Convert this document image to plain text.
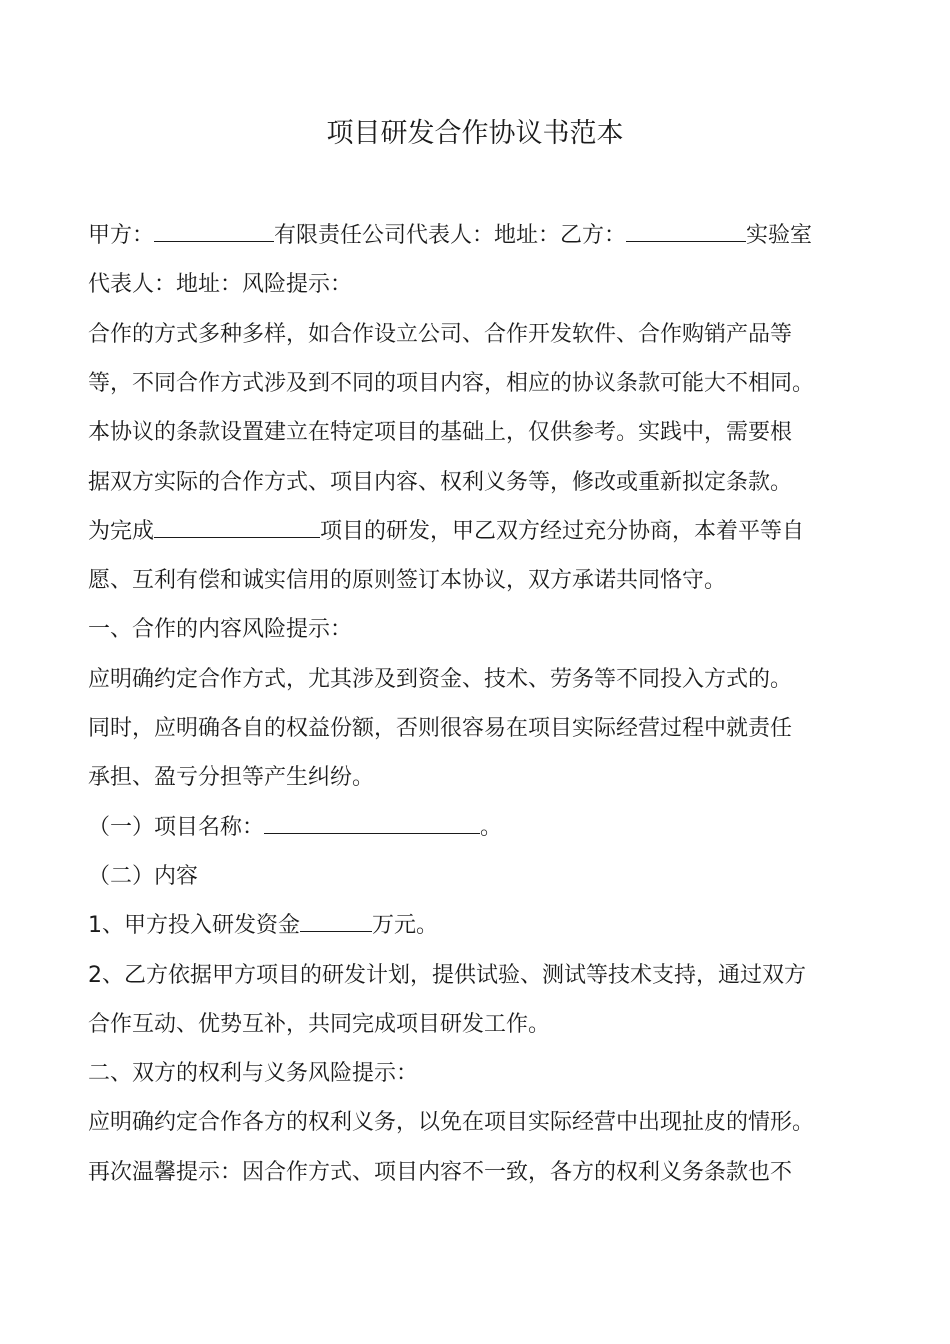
项目研发合作协议书范本
甲方：	有限责任公司代表人：地址：乙方：	实验室
代表人：地址：风险提示：
合作的方式多种多样，如合作设立公司、合作开发软件、合作购销产品等
等，不同合作方式涉及到不同的项目内容，相应的协议条款可能大不相同。
本协议的条款设置建立在特定项目的基础上，仅供参考。实践中，需要根
据双方实际的合作方式、项目内容、权利义务等，修改或重新拟定条款。
为完成	项目的研发，甲乙双方经过充分协商，本着平等自
愿、互利有偿和诚实信用的原则签订本协议，双方承诺共同恪守。
一、合作的内容风险提示：
应明确约定合作方式，尤其涉及到资金、技术、劳务等不同投入方式的。
同时，应明确各自的权益份额，否则很容易在项目实际经营过程中就责任
承担、盈亏分担等产生纠纷。
（一）项目名称：	。
（二）内容
1、甲方投入研发资金	万元。
2、乙方依据甲方项目的研发计划，提供试验、测试等技术支持，通过双方
合作互动、优势互补，共同完成项目研发工作。
二、双方的权利与义务风险提示：
应明确约定合作各方的权利义务，以免在项目实际经营中出现扯皮的情形。
再次温馨提示：因合作方式、项目内容不一致，各方的权利义务条款也不
